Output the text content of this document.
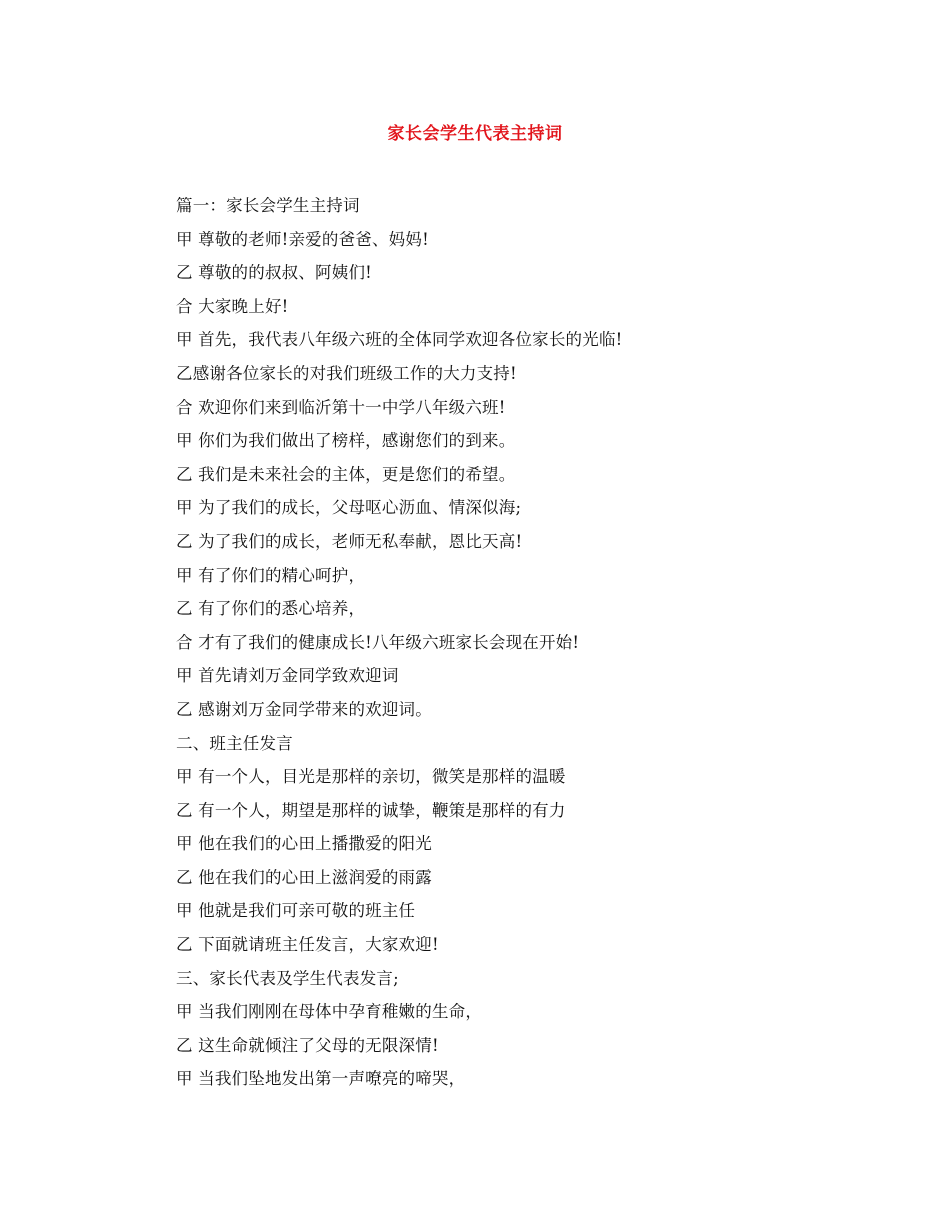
家长会学生代表主持词
篇一：家长会学生主持词
甲 尊敬的老师!亲爱的爸爸、妈妈!
乙 尊敬的的叔叔、阿姨们!
合 大家晚上好!
甲 首先，我代表八年级六班的全体同学欢迎各位家长的光临!
乙感谢各位家长的对我们班级工作的大力支持!
合 欢迎你们来到临沂第十一中学八年级六班!
甲 你们为我们做出了榜样，感谢您们的到来。
乙 我们是未来社会的主体，更是您们的希望。
甲 为了我们的成长，父母呕心沥血、情深似海;
乙 为了我们的成长，老师无私奉献，恩比天高!
甲 有了你们的精心呵护，
乙 有了你们的悉心培养，
合 才有了我们的健康成长!八年级六班家长会现在开始!
甲 首先请刘万金同学致欢迎词
乙 感谢刘万金同学带来的欢迎词。
二、班主任发言
甲 有一个人，目光是那样的亲切，微笑是那样的温暖
乙 有一个人，期望是那样的诚挚，鞭策是那样的有力
甲 他在我们的心田上播撒爱的阳光
乙 他在我们的心田上滋润爱的雨露
甲 他就是我们可亲可敬的班主任
乙 下面就请班主任发言，大家欢迎!
三、家长代表及学生代表发言;
甲 当我们刚刚在母体中孕育稚嫩的生命，
乙 这生命就倾注了父母的无限深情!
甲 当我们坠地发出第一声嘹亮的啼哭，
